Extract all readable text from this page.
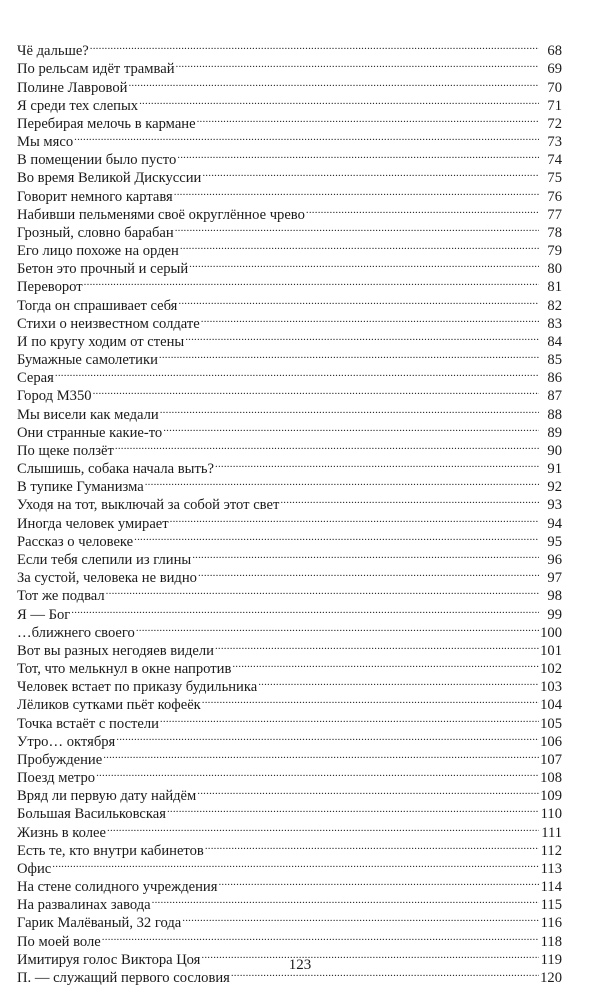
Чё дальше? .....	68
По рельсам идёт трамвай .....	69
Полине Лавровой .....	70
Я среди тех слепых .....	71
Перебирая мелочь в кармане .....	72
Мы мясо .....	73
В помещении было пусто .....	74
Во время Великой Дискуссии .....	75
Говорит немного картавя .....	76
Набивши пельменями своё округлённое чрево .....	77
Грозный, словно барабан .....	78
Его лицо похоже на орден .....	79
Бетон это прочный и серый .....	80
Переворот .....	81
Тогда он спрашивает себя .....	82
Стихи о неизвестном солдате .....	83
И по кругу ходим от стены .....	84
Бумажные самолетики .....	85
Серая .....	86
Город М350 .....	87
Мы висели как медали .....	88
Они странные какие-то .....	89
По щеке ползёт .....	90
Слышишь, собака начала выть? .....	91
В тупике Гуманизма .....	92
Уходя на тот, выключай за собой этот свет .....	93
Иногда человек умирает .....	94
Рассказ о человеке .....	95
Если тебя слепили из глины .....	96
За сустой, человека не видно .....	97
Тот же подвал .....	98
Я — Бог .....	99
…ближнего своего .....	100
Вот вы разных негодяев видели .....	101
Тот, что мелькнул в окне напротив .....	102
Человек встает по приказу будильника .....	103
Лёликов сутками пьёт кофеёк .....	104
Точка встаёт с постели .....	105
Утро… октября .....	106
Пробуждение .....	107
Поезд метро .....	108
Вряд ли первую дату найдём .....	109
Большая Васильковская .....	110
Жизнь в колее .....	111
Есть те, кто внутри кабинетов .....	112
Офис .....	113
На стене солидного учреждения .....	114
На развалинах завода .....	115
Гарик Малёваный, 32 года .....	116
По моей воле .....	118
Имитируя голос Виктора Цоя .....	119
П. — служащий первого сословия .....	120
123
